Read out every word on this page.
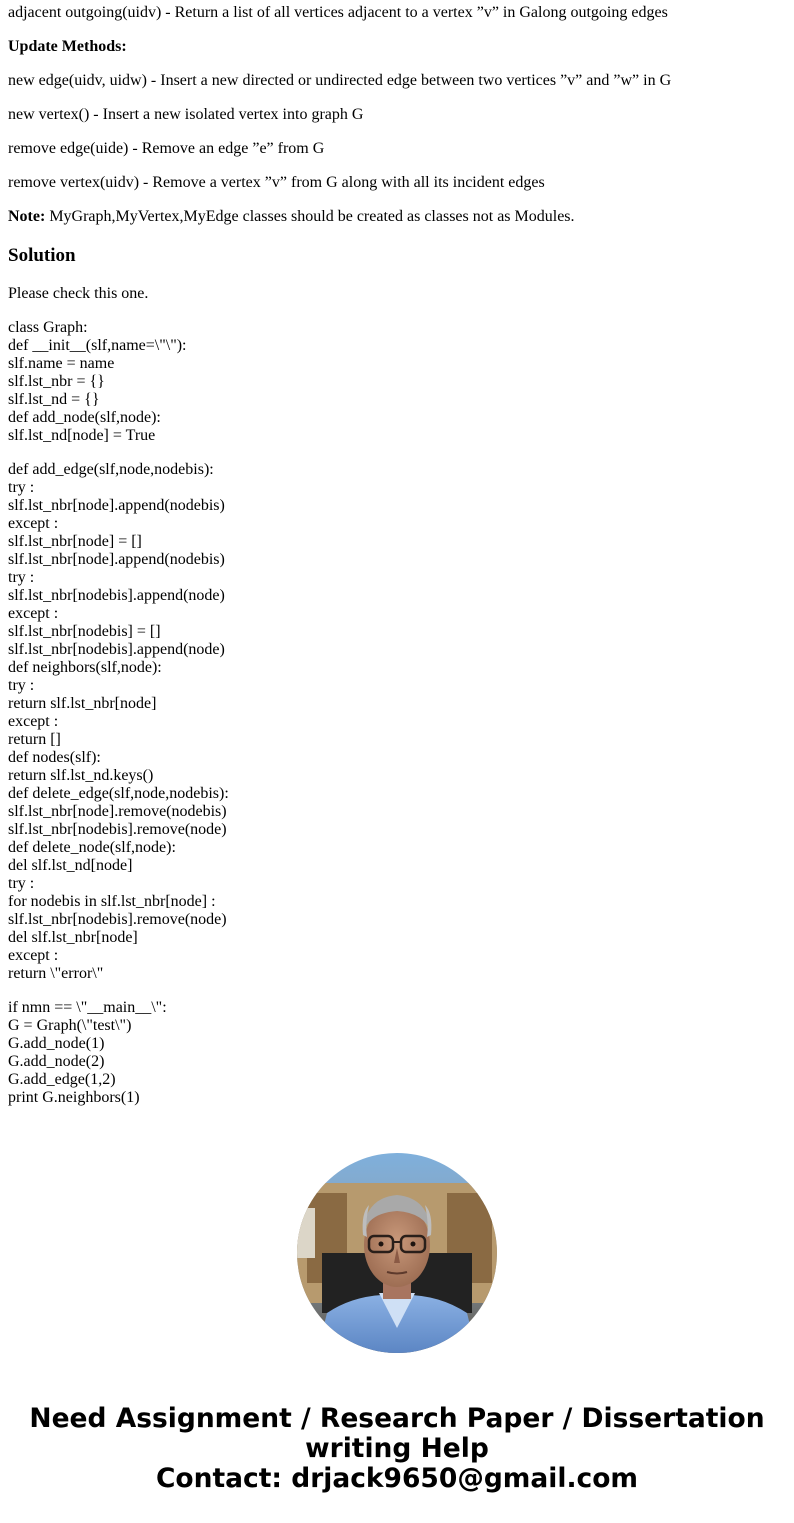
adjacent outgoing(uidv) - Return a list of all vertices adjacent to a vertex ”v” in Galong outgoing edges

Update Methods:

new edge(uidv, uidw) - Insert a new directed or undirected edge between two vertices ”v” and ”w” in G

new vertex() - Insert a new isolated vertex into graph G

remove edge(uide) - Remove an edge ”e” from G

remove vertex(uidv) - Remove a vertex ”v” from G along with all its incident edges

Note: MyGraph,MyVertex,MyEdge classes should be created as classes not as Modules.

Solution

Please check this one.

class Graph:
def __init__(slf,name=\"\"):
slf.name = name
slf.lst_nbr = {}
slf.lst_nd = {}
def add_node(slf,node):
slf.lst_nd[node] = True
def add_edge(slf,node,nodebis):
try :
slf.lst_nbr[node].append(nodebis)
except :
slf.lst_nbr[node] = []
slf.lst_nbr[node].append(nodebis)
try :
slf.lst_nbr[nodebis].append(node)
except :
slf.lst_nbr[nodebis] = []
slf.lst_nbr[nodebis].append(node)
def neighbors(slf,node):
try :
return slf.lst_nbr[node]
except :
return []
def nodes(slf):
return slf.lst_nd.keys()
def delete_edge(slf,node,nodebis):
slf.lst_nbr[node].remove(nodebis)
slf.lst_nbr[nodebis].remove(node)
def delete_node(slf,node):
del slf.lst_nd[node]
try :
for nodebis in slf.lst_nbr[node] :
slf.lst_nbr[nodebis].remove(node)
del slf.lst_nbr[node]
except :
return \"error\"
if nmn == \"__main__\":
G = Graph(\"test\")
G.add_node(1)
G.add_node(2)
G.add_edge(1,2)
print G.neighbors(1)
Need Assignment / Research Paper / Dissertation
writing Help
Contact: drjack9650@gmail.com
